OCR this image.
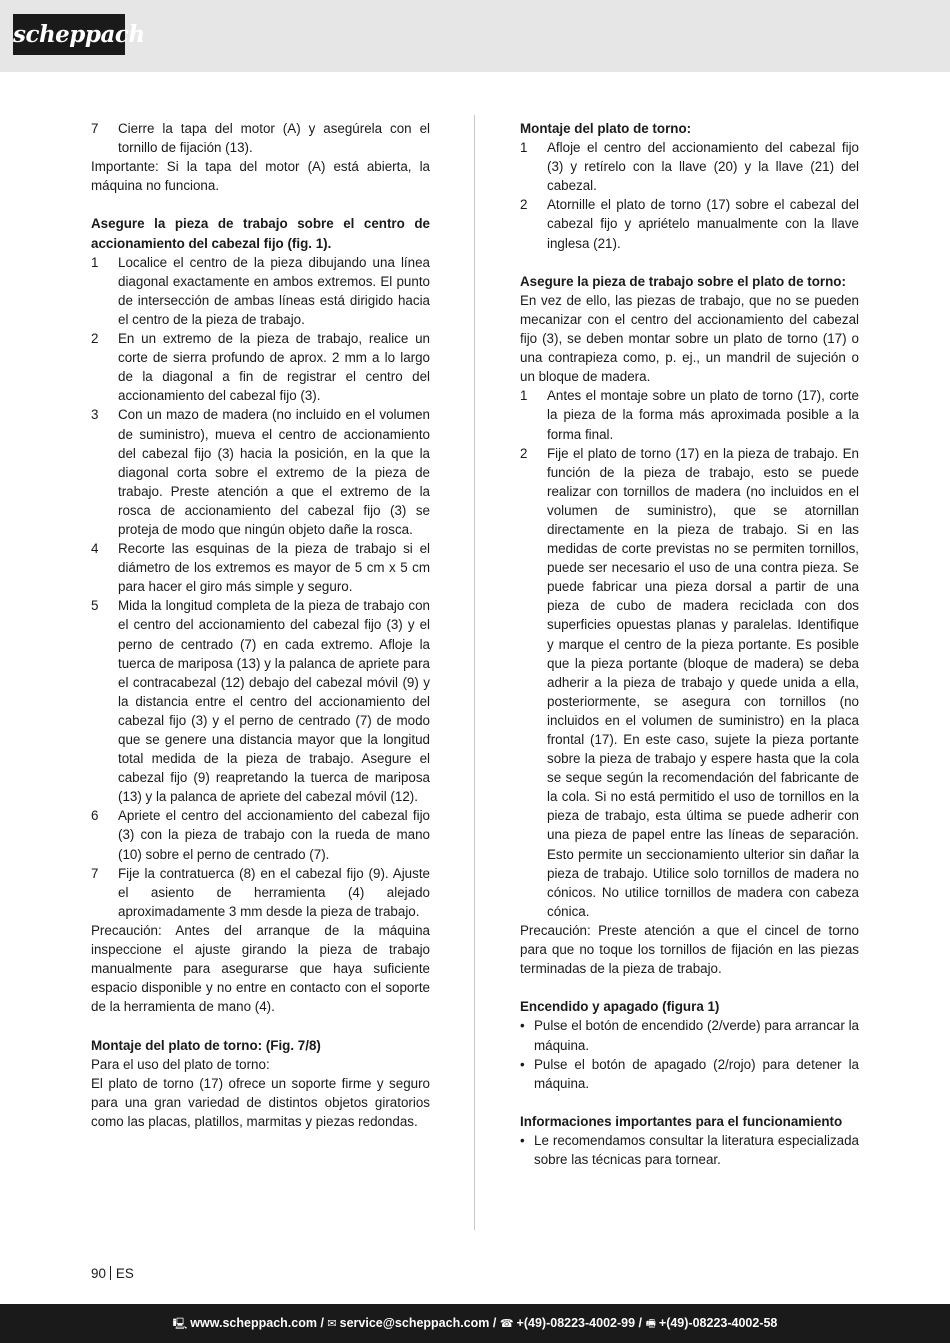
scheppach
7	Cierre la tapa del motor (A) y asegúrela con el tornillo de fijación (13).

Importante: Si la tapa del motor (A) está abierta, la máquina no funciona.

Asegure la pieza de trabajo sobre el centro de accionamiento del cabezal fijo (fig. 1).
1	Localice el centro de la pieza dibujando una línea diagonal exactamente en ambos extremos. El punto de intersección de ambas líneas está dirigido hacia el centro de la pieza de trabajo.
2	En un extremo de la pieza de trabajo, realice un corte de sierra profundo de aprox. 2 mm a lo largo de la diagonal a fin de registrar el centro del accionamiento del cabezal fijo (3).
3	Con un mazo de madera (no incluido en el volumen de suministro), mueva el centro de accionamiento del cabezal fijo (3) hacia la posición, en la que la diagonal corta sobre el extremo de la pieza de trabajo. Preste atención a que el extremo de la rosca de accionamiento del cabezal fijo (3) se proteja de modo que ningún objeto dañe la rosca.
4	Recorte las esquinas de la pieza de trabajo si el diámetro de los extremos es mayor de 5 cm x 5 cm para hacer el giro más simple y seguro.
5	Mida la longitud completa de la pieza de trabajo con el centro del accionamiento del cabezal fijo (3) y el perno de centrado (7) en cada extremo. Afloje la tuerca de mariposa (13) y la palanca de apriete para el contracabezal (12) debajo del cabezal móvil (9) y la distancia entre el centro del accionamiento del cabezal fijo (3) y el perno de centrado (7) de modo que se genere una distancia mayor que la longitud total medida de la pieza de trabajo. Asegure el cabezal fijo (9) reapretando la tuerca de mariposa (13) y la palanca de apriete del cabezal móvil (12).
6	Apriete el centro del accionamiento del cabezal fijo (3) con la pieza de trabajo con la rueda de mano (10) sobre el perno de centrado (7).
7	Fije la contratuerca (8) en el cabezal fijo (9). Ajuste el asiento de herramienta (4) alejado aproximadamente 3 mm desde la pieza de trabajo.

Precaución: Antes del arranque de la máquina inspeccione el ajuste girando la pieza de trabajo manualmente para asegurarse que haya suficiente espacio disponible y no entre en contacto con el soporte de la herramienta de mano (4).

Montaje del plato de torno: (Fig. 7/8)

Para el uso del plato de torno:

El plato de torno (17) ofrece un soporte firme y seguro para una gran variedad de distintos objetos giratorios como las placas, platillos, marmitas y piezas redondas.

Montaje del plato de torno:
1	Afloje el centro del accionamiento del cabezal fijo (3) y retírelo con la llave (20) y la llave (21) del cabezal.
2	Atornille el plato de torno (17) sobre el cabezal del cabezal fijo y apriételo manualmente con la llave inglesa (21).
Asegure la pieza de trabajo sobre el plato de torno:

En vez de ello, las piezas de trabajo, que no se pueden mecanizar con el centro del accionamiento del cabezal fijo (3), se deben montar sobre un plato de torno (17) o una contrapieza como, p. ej., un mandril de sujeción o un bloque de madera.

1	Antes el montaje sobre un plato de torno (17), corte la pieza de la forma más aproximada posible a la forma final.
2	Fije el plato de torno (17) en la pieza de trabajo. En función de la pieza de trabajo, esto se puede realizar con tornillos de madera (no incluidos en el volumen de suministro), que se atornillan directamente en la pieza de trabajo. Si en las medidas de corte previstas no se permiten tornillos, puede ser necesario el uso de una contra pieza. Se puede fabricar una pieza dorsal a partir de una pieza de cubo de madera reciclada con dos superficies opuestas planas y paralelas. Identifique y marque el centro de la pieza portante. Es posible que la pieza portante (bloque de madera) se deba adherir a la pieza de trabajo y quede unida a ella, posteriormente, se asegura con tornillos (no incluidos en el volumen de suministro) en la placa frontal (17). En este caso, sujete la pieza portante sobre la pieza de trabajo y espere hasta que la cola se seque según la recomendación del fabricante de la cola. Si no está permitido el uso de tornillos en la pieza de trabajo, esta última se puede adherir con una pieza de papel entre las líneas de separación. Esto permite un seccionamiento ulterior sin dañar la pieza de trabajo. Utilice solo tornillos de madera no cónicos. No utilice tornillos de madera con cabeza cónica.

Precaución: Preste atención a que el cincel de torno para que no toque los tornillos de fijación en las piezas terminadas de la pieza de trabajo.

Encendido y apagado (figura 1)
• Pulse el botón de encendido (2/verde) para arrancar la máquina.
• Pulse el botón de apagado (2/rojo) para detener la máquina.
Informaciones importantes para el funcionamiento
• Le recomendamos consultar la literatura especializada sobre las técnicas para tornear.
90 ES
🖳 www.scheppach.com / ✉ service@scheppach.com / ☎ +(49)-08223-4002-99 / 🖷 +(49)-08223-4002-58
